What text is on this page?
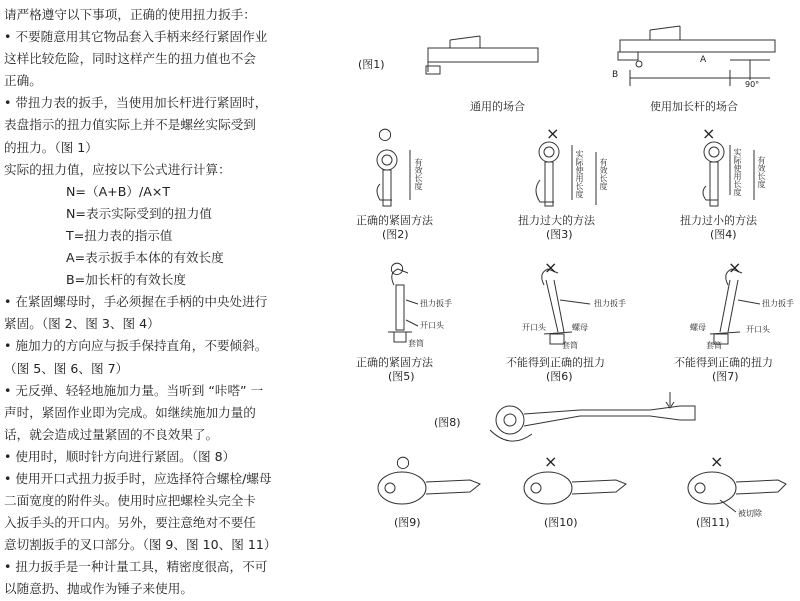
请严格遵守以下事项，正确的使用扭力扳手：
• 不要随意用其它物品套入手柄来经行紧固作业
这样比较危险，同时这样产生的扭力值也不会
正确。
• 带扭力表的扳手，当使用加长杆进行紧固时，
表盘指示的扭力值实际上并不是螺丝实际受到
的扭力。（图 1）
实际的扭力值，应按以下公式进行计算：
N=（A+B）/A×T
N=表示实际受到的扭力值
T=扭力表的指示值
A=表示扳手本体的有效长度
B=加长杆的有效长度
• 在紧固螺母时，手必须握在手柄的中央处进行
紧固。（图 2、图 3、图 4）
• 施加力的方向应与扳手保持直角，不要倾斜。
（图 5、图 6、图 7）
• 无反弹、轻轻地施加力量。当听到 “咔嗒” 一
声时，紧固作业即为完成。如继续施加力量的
话，就会造成过量紧固的不良效果了。
• 使用时，顺时针方向进行紧固。（图 8）
• 使用开口式扭力扳手时，应选择符合螺栓/螺母
二面宽度的附件头。使用时应把螺栓头完全卡
入扳手头的开口内。另外，要注意绝对不要任
意切割扳手的叉口部分。（图 9、图 10、图 11）
• 扭力扳手是一种计量工具，精密度很高，不可
以随意扔、抛或作为锤子来使用。
(图1)
通用的场合	使用加长杆的场合
A
B
90°
○
有效长度
正确的紧固方法
(图2)
×
实际使用长度 有效长度
扭力过大的方法
(图3)
×
实际使用长度 有效长度
扭力过小的方法
(图4)
○
扭力扳手
开口头
套筒
正确的紧固方法
(图5)
×
扭力扳手
开口头	螺母
套筒
不能得到正确的扭力
(图6)
×
扭力扳手
螺母	开口头
套筒
不能得到正确的扭力
(图7)
(图8)
○
(图9)
×
(图10)
×
被切除
(图11)
